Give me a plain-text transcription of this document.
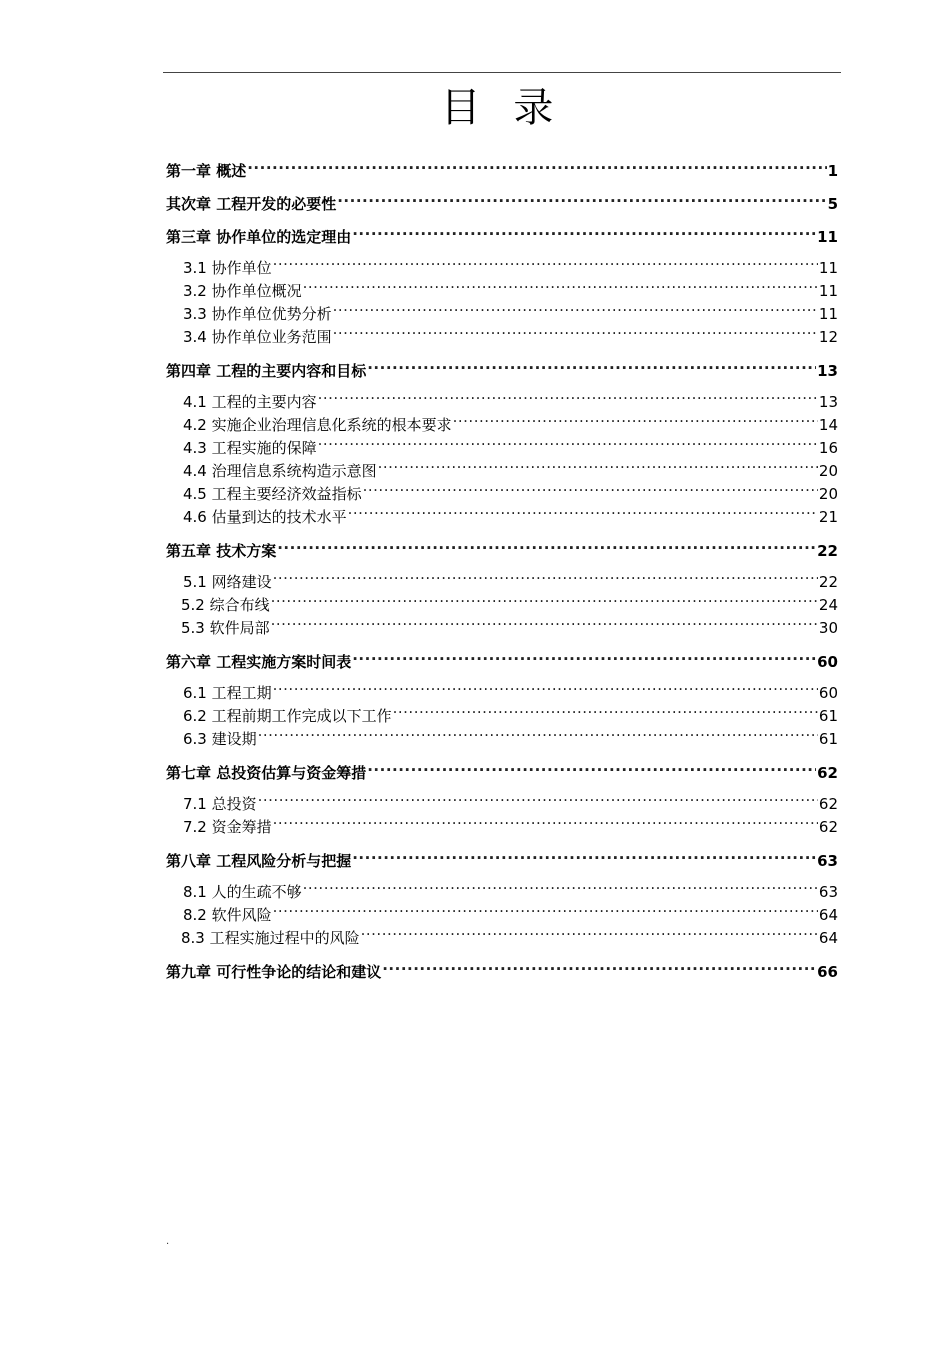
目 录
第一章 概述 .....	1
其次章 工程开发的必要性 .....	5
第三章 协作单位的选定理由 .....	11
3.1 协作单位 .....	11
3.2 协作单位概况 .....	11
3.3 协作单位优势分析 .....	11
3.4 协作单位业务范围 .....	12
第四章 工程的主要内容和目标 .....	13
4.1 工程的主要内容 .....	13
4.2 实施企业治理信息化系统的根本要求 .....	14
4.3 工程实施的保障 .....	16
4.4 治理信息系统构造示意图 .....	20
4.5 工程主要经济效益指标 .....	20
4.6 估量到达的技术水平 .....	21
第五章 技术方案 .....	22
5.1 网络建设 .....	22
5.2 综合布线 .....	24
5.3 软件局部 .....	30
第六章 工程实施方案时间表 .....	60
6.1 工程工期 .....	60
6.2 工程前期工作完成以下工作 .....	61
6.3 建设期 .....	61
第七章 总投资估算与资金筹措 .....	62
7.1 总投资 .....	62
7.2 资金筹措 .....	62
第八章 工程风险分析与把握 .....	63
8.1 人的生疏不够 .....	63
8.2 软件风险 .....	64
8.3 工程实施过程中的风险 .....	64
第九章 可行性争论的结论和建议 .....	66
.
